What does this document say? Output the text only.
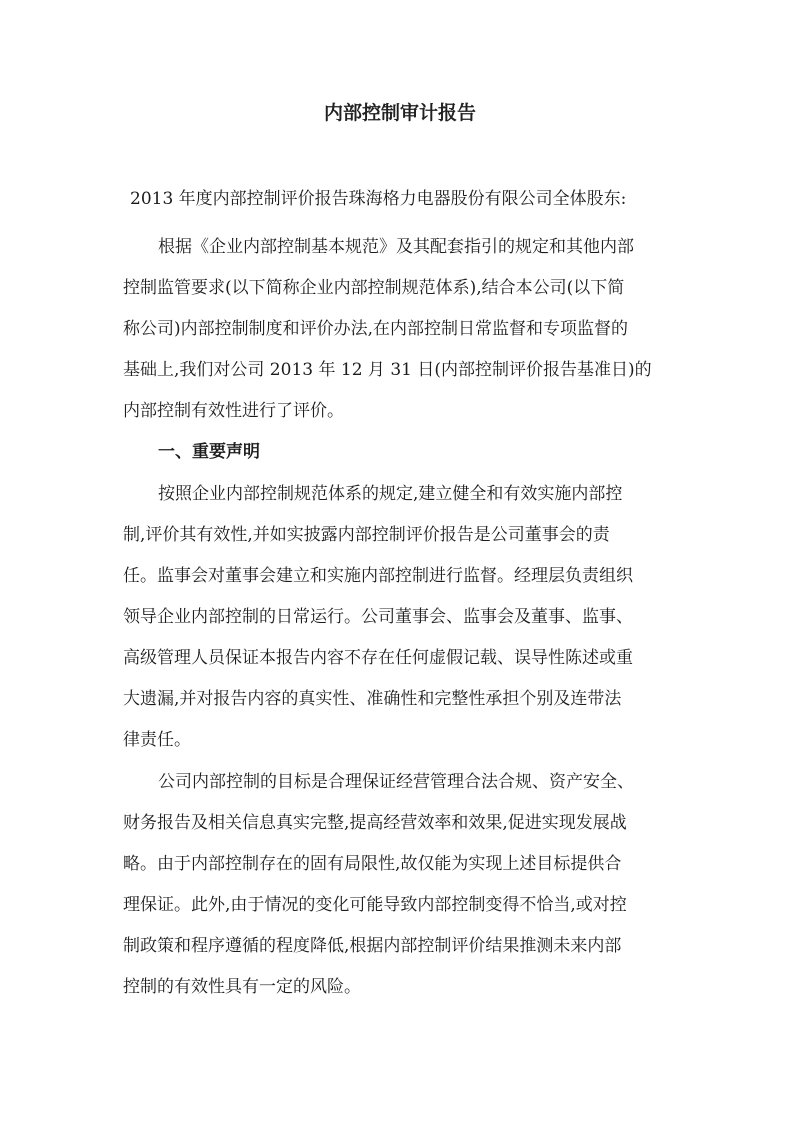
内部控制审计报告
2013 年度内部控制评价报告珠海格力电器股份有限公司全体股东:
根据《企业内部控制基本规范》及其配套指引的规定和其他内部
控制监管要求(以下简称企业内部控制规范体系),结合本公司(以下简
称公司)内部控制制度和评价办法,在内部控制日常监督和专项监督的
基础上,我们对公司 2013 年 12 月 31 日(内部控制评价报告基准日)的
内部控制有效性进行了评价。
一、重要声明
按照企业内部控制规范体系的规定,建立健全和有效实施内部控
制,评价其有效性,并如实披露内部控制评价报告是公司董事会的责
任。监事会对董事会建立和实施内部控制进行监督。经理层负责组织
领导企业内部控制的日常运行。公司董事会、监事会及董事、监事、
高级管理人员保证本报告内容不存在任何虚假记载、误导性陈述或重
大遗漏,并对报告内容的真实性、准确性和完整性承担个别及连带法
律责任。
公司内部控制的目标是合理保证经营管理合法合规、资产安全、
财务报告及相关信息真实完整,提高经营效率和效果,促进实现发展战
略。由于内部控制存在的固有局限性,故仅能为实现上述目标提供合
理保证。此外,由于情况的变化可能导致内部控制变得不恰当,或对控
制政策和程序遵循的程度降低,根据内部控制评价结果推测未来内部
控制的有效性具有一定的风险。
